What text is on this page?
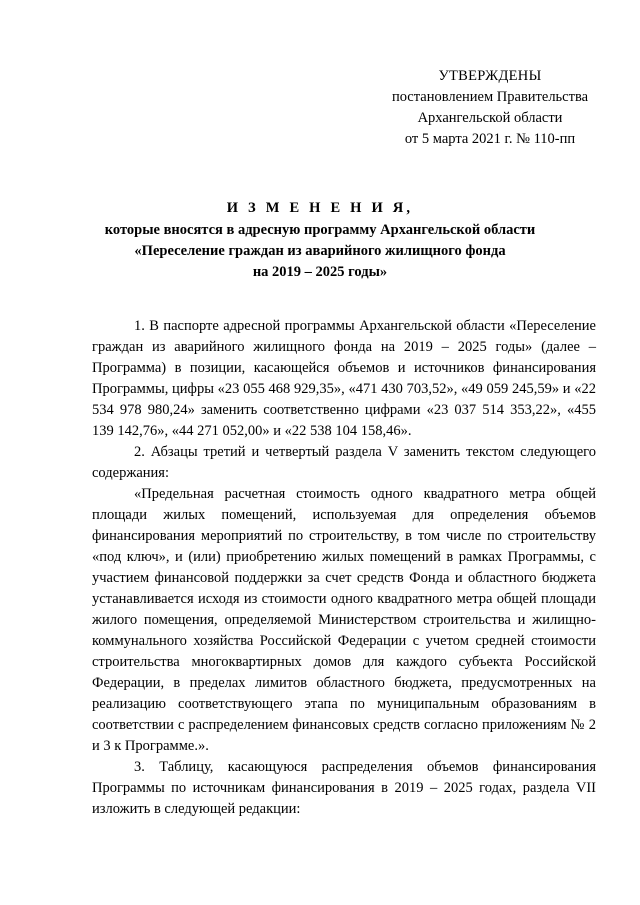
УТВЕРЖДЕНЫ
постановлением Правительства
Архангельской области
от 5 марта 2021 г. № 110-пп
И З М Е Н Е Н И Я,
которые вносятся в адресную программу Архангельской области
«Переселение граждан из аварийного жилищного фонда
на 2019 – 2025 годы»

1. В паспорте адресной программы Архангельской области «Переселение граждан из аварийного жилищного фонда на 2019 – 2025 годы» (далее – Программа) в позиции, касающейся объемов и источников финансирования Программы, цифры «23 055 468 929,35», «471 430 703,52», «49 059 245,59» и «22 534 978 980,24» заменить соответственно цифрами «23 037 514 353,22», «455 139 142,76», «44 271 052,00» и «22 538 104 158,46».

2. Абзацы третий и четвертый раздела V заменить текстом следующего содержания:

«Предельная расчетная стоимость одного квадратного метра общей площади жилых помещений, используемая для определения объемов финансирования мероприятий по строительству, в том числе по строительству «под ключ», и (или) приобретению жилых помещений в рамках Программы, с участием финансовой поддержки за счет средств Фонда и областного бюджета устанавливается исходя из стоимости одного квадратного метра общей площади жилого помещения, определяемой Министерством строительства и жилищно-коммунального хозяйства Российской Федерации с учетом средней стоимости строительства многоквартирных домов для каждого субъекта Российской Федерации, в пределах лимитов областного бюджета, предусмотренных на реализацию соответствующего этапа по муниципальным образованиям в соответствии с распределением финансовых средств согласно приложениям № 2 и 3 к Программе.».

3. Таблицу, касающуюся распределения объемов финансирования Программы по источникам финансирования в 2019 – 2025 годах, раздела VII изложить в следующей редакции:
